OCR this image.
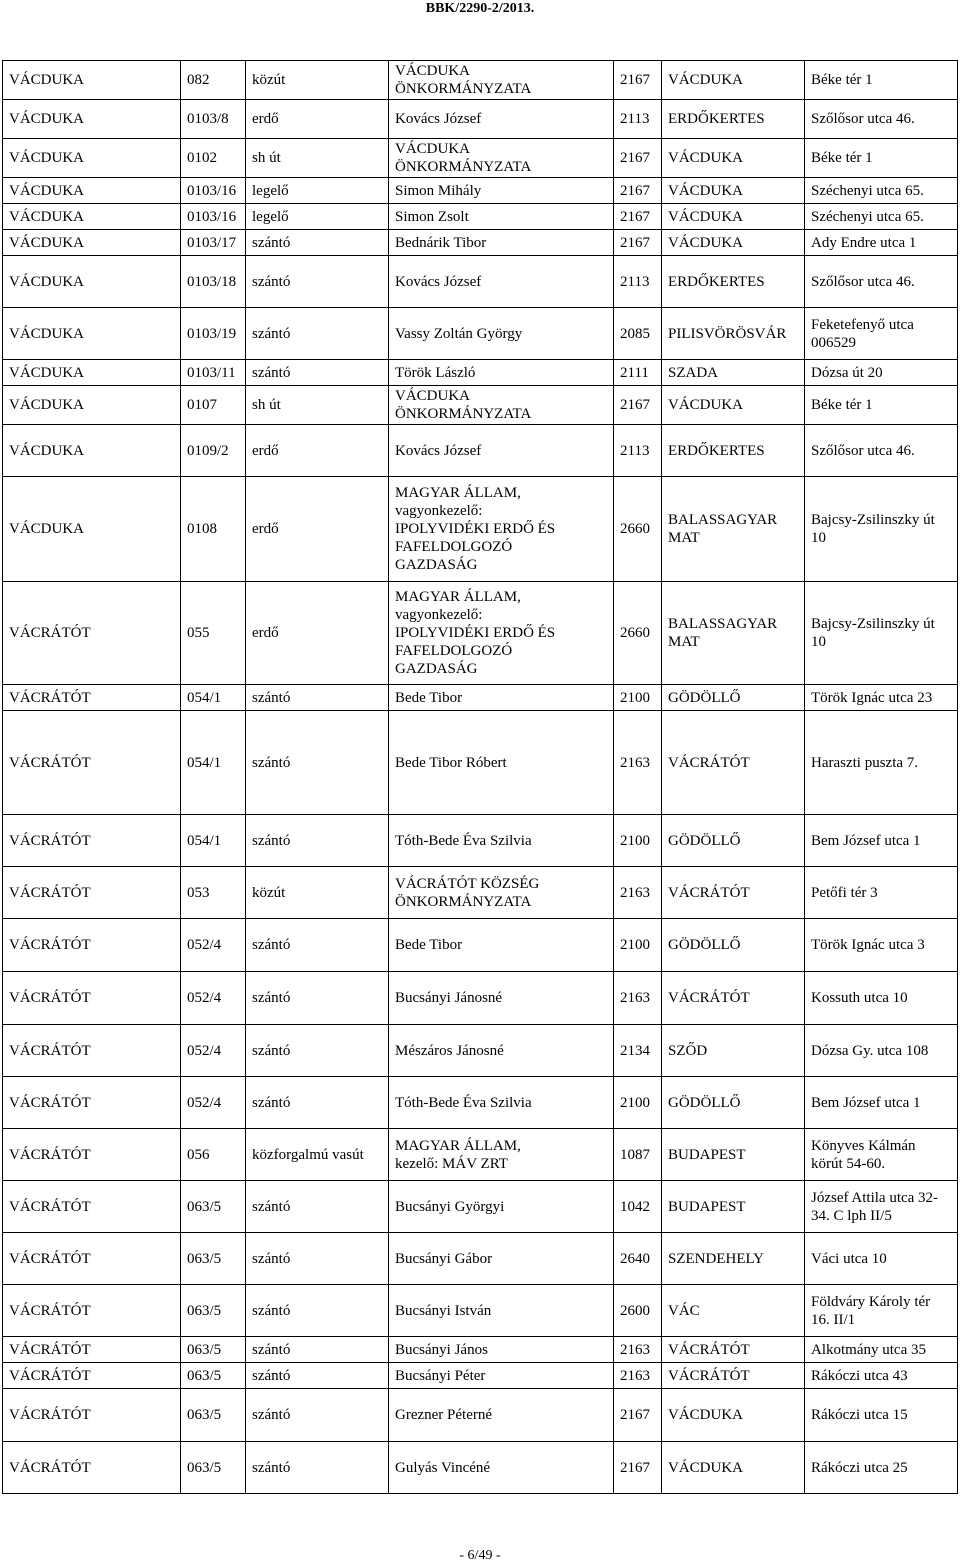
BBK/2290-2/2013.
VÁCDUKA	082	közút	VÁCDUKA
ÖNKORMÁNYZATA	2167	VÁCDUKA	Béke tér 1
VÁCDUKA	0103/8	erdő	Kovács József	2113	ERDŐKERTES	Szőlősor utca 46.
VÁCDUKA	0102	sh út	VÁCDUKA
ÖNKORMÁNYZATA	2167	VÁCDUKA	Béke tér 1
VÁCDUKA	0103/16	legelő	Simon Mihály	2167	VÁCDUKA	Széchenyi utca 65.
VÁCDUKA	0103/16	legelő	Simon Zsolt	2167	VÁCDUKA	Széchenyi utca 65.
VÁCDUKA	0103/17	szántó	Bednárik Tibor	2167	VÁCDUKA	Ady Endre utca 1
VÁCDUKA	0103/18	szántó	Kovács József	2113	ERDŐKERTES	Szőlősor utca 46.
VÁCDUKA	0103/19	szántó	Vassy Zoltán György	2085	PILISVÖRÖSVÁR	Feketefenyő utca
006529
VÁCDUKA	0103/11	szántó	Török László	2111	SZADA	Dózsa út 20
VÁCDUKA	0107	sh út	VÁCDUKA
ÖNKORMÁNYZATA	2167	VÁCDUKA	Béke tér 1
VÁCDUKA	0109/2	erdő	Kovács József	2113	ERDŐKERTES	Szőlősor utca 46.
VÁCDUKA	0108	erdő	MAGYAR ÁLLAM,
vagyonkezelő:
IPOLYVIDÉKI ERDŐ ÉS
FAFELDOLGOZÓ
GAZDASÁG	2660	BALASSAGYAR
MAT	Bajcsy-Zsilinszky út
10
VÁCRÁTÓT	055	erdő	MAGYAR ÁLLAM,
vagyonkezelő:
IPOLYVIDÉKI ERDŐ ÉS
FAFELDOLGOZÓ
GAZDASÁG	2660	BALASSAGYAR
MAT	Bajcsy-Zsilinszky út
10
VÁCRÁTÓT	054/1	szántó	Bede Tibor	2100	GÖDÖLLŐ	Török Ignác utca 23
VÁCRÁTÓT	054/1	szántó	Bede Tibor Róbert	2163	VÁCRÁTÓT	Haraszti puszta 7.
VÁCRÁTÓT	054/1	szántó	Tóth-Bede Éva Szilvia	2100	GÖDÖLLŐ	Bem József utca 1
VÁCRÁTÓT	053	közút	VÁCRÁTÓT KÖZSÉG
ÖNKORMÁNYZATA	2163	VÁCRÁTÓT	Petőfi tér 3
VÁCRÁTÓT	052/4	szántó	Bede Tibor	2100	GÖDÖLLŐ	Török Ignác utca 3
VÁCRÁTÓT	052/4	szántó	Bucsányi Jánosné	2163	VÁCRÁTÓT	Kossuth utca 10
VÁCRÁTÓT	052/4	szántó	Mészáros Jánosné	2134	SZŐD	Dózsa Gy. utca 108
VÁCRÁTÓT	052/4	szántó	Tóth-Bede Éva Szilvia	2100	GÖDÖLLŐ	Bem József utca 1
VÁCRÁTÓT	056	közforgalmú vasút	MAGYAR ÁLLAM,
kezelő: MÁV ZRT	1087	BUDAPEST	Könyves Kálmán
körút 54-60.
VÁCRÁTÓT	063/5	szántó	Bucsányi Györgyi	1042	BUDAPEST	József Attila utca 32-
34. C lph II/5
VÁCRÁTÓT	063/5	szántó	Bucsányi Gábor	2640	SZENDEHELY	Váci utca 10
VÁCRÁTÓT	063/5	szántó	Bucsányi István	2600	VÁC	Földváry Károly tér
16. II/1
VÁCRÁTÓT	063/5	szántó	Bucsányi János	2163	VÁCRÁTÓT	Alkotmány utca 35
VÁCRÁTÓT	063/5	szántó	Bucsányi Péter	2163	VÁCRÁTÓT	Rákóczi utca 43
VÁCRÁTÓT	063/5	szántó	Grezner Péterné	2167	VÁCDUKA	Rákóczi utca 15
VÁCRÁTÓT	063/5	szántó	Gulyás Vincéné	2167	VÁCDUKA	Rákóczi utca 25
- 6/49 -
